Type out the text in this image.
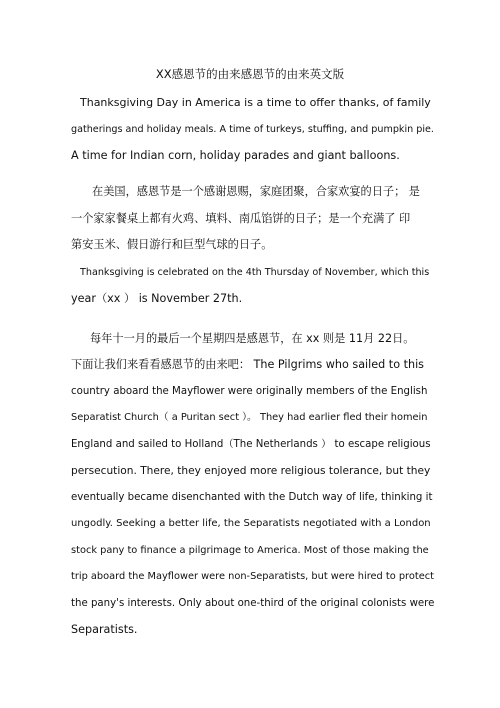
XX感恩节的由来感恩节的由来英文版
Thanksgiving Day in America is a time to offer thanks, of family
gatherings and holiday meals. A time of turkeys, stuffing, and pumpkin pie.
A time for Indian corn, holiday parades and giant balloons.
在美国，感恩节是一个感谢恩赐，家庭团聚，合家欢宴的日子； 是
一个家家餐桌上都有火鸡、填料、南瓜馅饼的日子；是一个充满了 印
第安玉米、假日游行和巨型气球的日子。
Thanksgiving is celebrated on the 4th Thursday of November, which this
year（xx ） is November 27th.
每年十一月的最后一个星期四是感恩节，在 xx 则是 11月 22日。
下面让我们来看看感恩节的由来吧： The Pilgrims who sailed to this
country aboard the Mayflower were originally members of the English
Separatist Church（ a Puritan sect ）。 They had earlier fled their homein
England and sailed to Holland（The Netherlands ） to escape religious
persecution. There, they enjoyed more religious tolerance, but they
eventually became disenchanted with the Dutch way of life, thinking it
ungodly. Seeking a better life, the Separatists negotiated with a London
stock pany to finance a pilgrimage to America. Most of those making the
trip aboard the Mayflower were non-Separatists, but were hired to protect
the pany's interests. Only about one-third of the original colonists were
Separatists.
